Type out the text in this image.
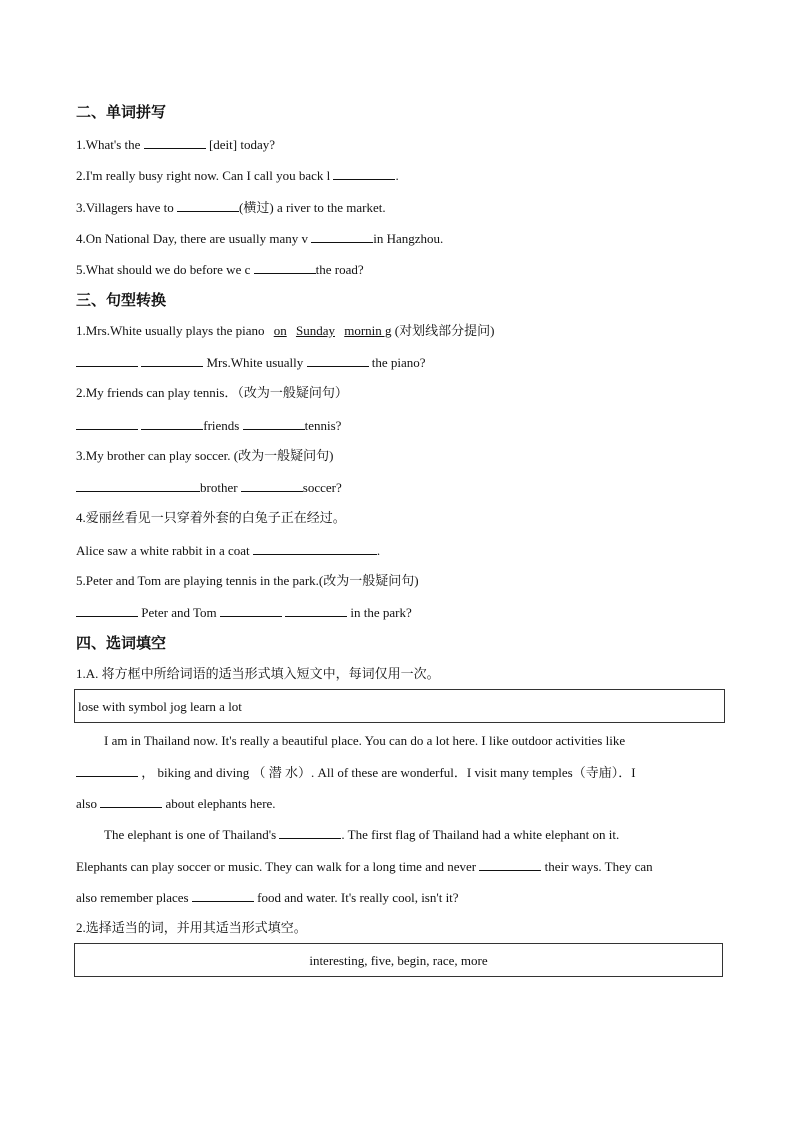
二、单词拼写
1.What's the	[deit] today?
2.I'm really busy right now. Can I call you back l	.
3.Villagers have to	(横过) a river to the market.
4.On National Day, there are usually many v	in Hangzhou.
5.What should we do before we c	the road?
三、句型转换
1.Mrs.White usually plays the piano on Sunday mornin g (对划线部分提问)
Mrs.White usually	the piano?
2.My friends can play tennis．（改为一般疑问句）
friends	tennis?
3.My brother can play soccer. (改为一般疑问句)
brother	soccer?
4.爱丽丝看见一只穿着外套的白兔子正在经过。
Alice saw a white rabbit in a coat	.
5.Peter and Tom are playing tennis in the park.(改为一般疑问句)
Peter and Tom	in the park?
四、选词填空
1.A. 将方框中所给词语的适当形式填入短文中，每词仅用一次。
lose with symbol jog learn a lot
I am in Thailand now. It's really a beautiful place. You can do a lot here. I like outdoor activities like
， biking and diving （ 潜 水）. All of these are wonderful．I visit many temples（寺庙）．I
also	about elephants here.
The elephant is one of Thailand's	. The first flag of Thailand had a white elephant on it.
Elephants can play soccer or music. They can walk for a long time and never	their ways. They can
also remember places	food and water. It's really cool, isn't it?
2.选择适当的词，并用其适当形式填空。
interesting, five, begin, race, more
